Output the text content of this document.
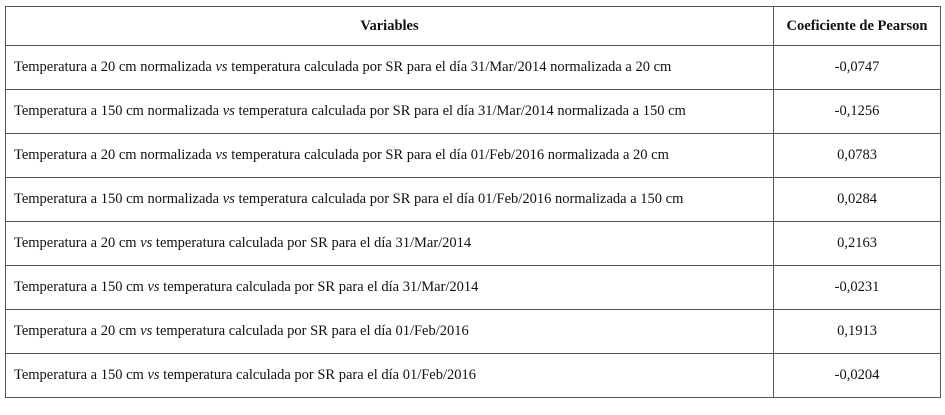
Variables	Coeficiente de Pearson
Temperatura a 20 cm normalizada vs temperatura calculada por SR para el día 31/Mar/2014 normalizada a 20 cm	-0,0747
Temperatura a 150 cm normalizada vs temperatura calculada por SR para el día 31/Mar/2014 normalizada a 150 cm	-0,1256
Temperatura a 20 cm normalizada vs temperatura calculada por SR para el día 01/Feb/2016 normalizada a 20 cm	0,0783
Temperatura a 150 cm normalizada vs temperatura calculada por SR para el día 01/Feb/2016 normalizada a 150 cm	0,0284
Temperatura a 20 cm vs temperatura calculada por SR para el día 31/Mar/2014	0,2163
Temperatura a 150 cm vs temperatura calculada por SR para el día 31/Mar/2014	-0,0231
Temperatura a 20 cm vs temperatura calculada por SR para el día 01/Feb/2016	0,1913
Temperatura a 150 cm vs temperatura calculada por SR para el día 01/Feb/2016	-0,0204
